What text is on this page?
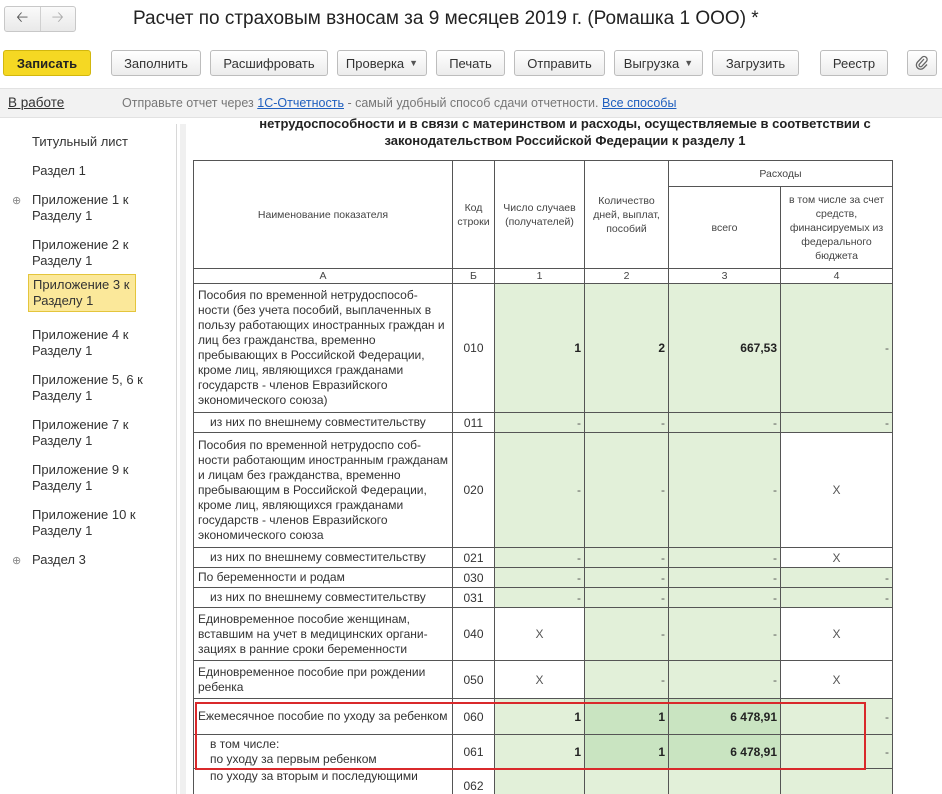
🡠	🡢	Расчет по страховым взносам за 9 месяцев 2019 г. (Ромашка 1 ООО) *
Записать	Заполнить	Расшифровать	Проверка ▼	Печать	Отправить	Выгрузка ▼	Загрузить	Реестр
В работе	Отправьте отчет через 1С-Отчетность - самый удобный способ сдачи отчетности. Все способы
Титульный лист
Раздел 1
⊕ Приложение 1 к Разделу 1
Приложение 2 к Разделу 1
Приложение 3 к Разделу 1
Приложение 4 к Разделу 1
Приложение 5, 6 к Разделу 1
Приложение 7 к Разделу 1
Приложение 9 к Разделу 1
Приложение 10 к Разделу 1
⊕ Раздел 3
нетрудоспособности и в связи с материнством и расходы, осуществляемые в соответствии с
законодательством Российской Федерации к разделу 1
Наименование показателя	Код строки	Число случаев (получателей)	Количество дней, выплат, пособий	Расходы	
				всего	в том числе за счет средств, финансируемых из федерального бюджета
А	Б	1	2	3	4
Пособия по временной нетрудоспособ-ности (без учета пособий, выплаченных в пользу работающих иностранных граждан и лиц без гражданства, временно пребывающих в Российской Федерации, кроме лиц, являющихся гражданами государств - членов Евразийского экономического союза)	010	1	2	667,53	-
из них по внешнему совместительству	011	-	-	-	-
Пособия по временной нетрудоспо соб-ности работающим иностранным гражданам и лицам без гражданства, временно пребывающим в Российской Федерации, кроме лиц, являющихся гражданами государств - членов Евразийского экономического союза	020	-	-	-	X
из них по внешнему совместительству	021	-	-	-	X
По беременности и родам	030	-	-	-	-
из них по внешнему совместительству	031	-	-	-	-
Единовременное пособие женщинам, вставшим на учет в медицинских органи-зациях в ранние сроки беременности	040	X	-	-	X
Единовременное пособие при рождении ребенка	050	X	-	-	X
Ежемесячное пособие по уходу за ребенком	060	1	1	6 478,91	-

в том числе:
по уходу за первым ребенком	061	1	1	6 478,91	-
по уходу за вторым и последующими	062				
